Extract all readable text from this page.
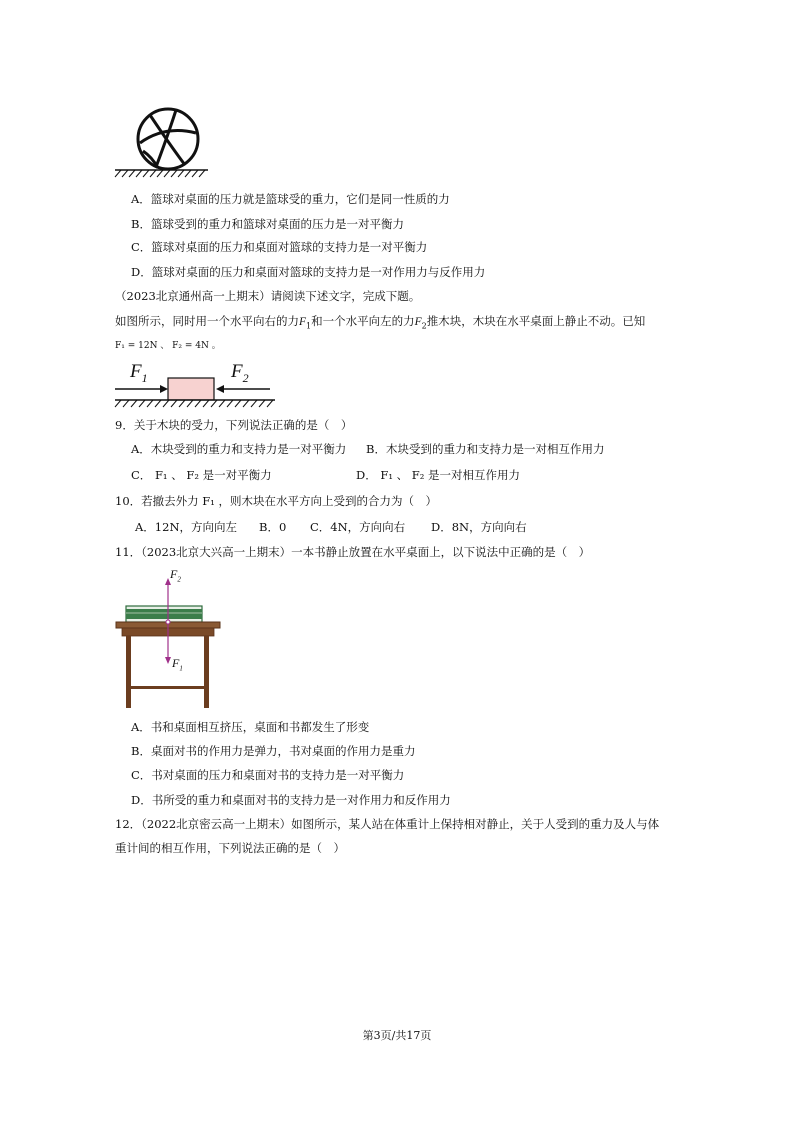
A．篮球对桌面的压力就是篮球受的重力，它们是同一性质的力
B．篮球受到的重力和篮球对桌面的压力是一对平衡力
C．篮球对桌面的压力和桌面对篮球的支持力是一对平衡力
D．篮球对桌面的压力和桌面对篮球的支持力是一对作用力与反作用力
（2023北京通州高一上期末）请阅读下述文字，完成下题。
如图所示，同时用一个水平向右的力$F_1$和一个水平向左的力$F_2$推木块，木块在水平桌面上静止不动。已知
F₁ = 12N 、 F₂ = 4N 。
$F_1$	$F_2$
9．关于木块的受力，下列说法正确的是（　）
A．木块受到的重力和支持力是一对平衡力 B．木块受到的重力和支持力是一对相互作用力
C． F₁ 、 F₂ 是一对平衡力	D． F₁ 、 F₂ 是一对相互作用力
10．若撤去外力 F₁ ，则木块在水平方向上受到的合力为（　）
A．12N，方向向左 B．0 C．4N，方向向右 D．8N，方向向右
11．（2023北京大兴高一上期末）一本书静止放置在水平桌面上，以下说法中正确的是（　）
$F_2$
$F_1$
A．书和桌面相互挤压，桌面和书都发生了形变
B．桌面对书的作用力是弹力，书对桌面的作用力是重力
C．书对桌面的压力和桌面对书的支持力是一对平衡力
D．书所受的重力和桌面对书的支持力是一对作用力和反作用力
12．（2022北京密云高一上期末）如图所示，某人站在体重计上保持相对静止，关于人受到的重力及人与体
重计间的相互作用，下列说法正确的是（　）
第3页/共17页
